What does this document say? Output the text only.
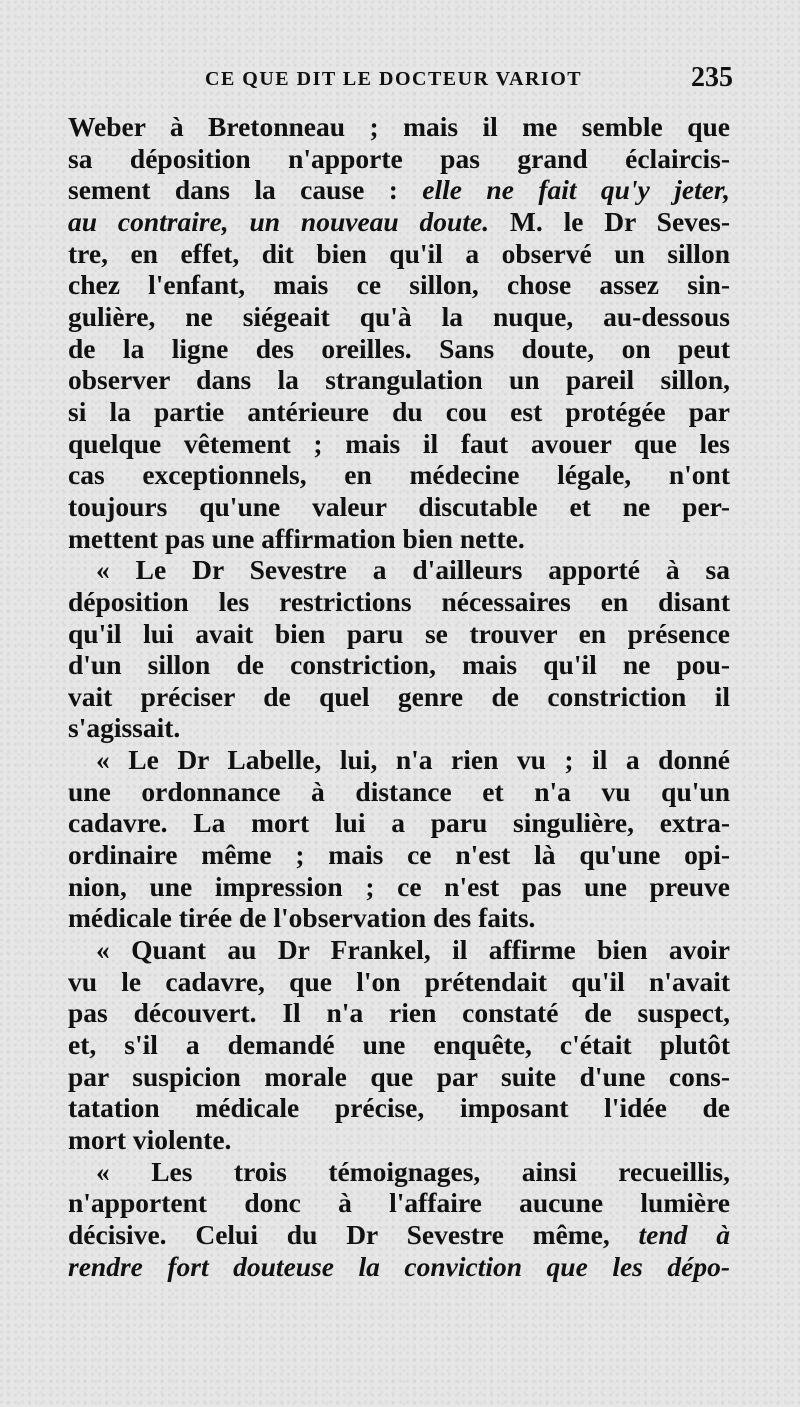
CE QUE DIT LE DOCTEUR VARIOT	235
Weber à Bretonneau ; mais il me semble que
sa déposition n'apporte pas grand éclaircis-
sement dans la cause : elle ne fait qu'y jeter,
au contraire, un nouveau doute. M. le Dr Seves-
tre, en effet, dit bien qu'il a observé un sillon
chez l'enfant, mais ce sillon, chose assez sin-
gulière, ne siégeait qu'à la nuque, au-dessous
de la ligne des oreilles. Sans doute, on peut
observer dans la strangulation un pareil sillon,
si la partie antérieure du cou est protégée par
quelque vêtement ; mais il faut avouer que les
cas exceptionnels, en médecine légale, n'ont
toujours qu'une valeur discutable et ne per-
mettent pas une affirmation bien nette.
« Le Dr Sevestre a d'ailleurs apporté à sa
déposition les restrictions nécessaires en disant
qu'il lui avait bien paru se trouver en présence
d'un sillon de constriction, mais qu'il ne pou-
vait préciser de quel genre de constriction il
s'agissait.
« Le Dr Labelle, lui, n'a rien vu ; il a donné
une ordonnance à distance et n'a vu qu'un
cadavre. La mort lui a paru singulière, extra-
ordinaire même ; mais ce n'est là qu'une opi-
nion, une impression ; ce n'est pas une preuve
médicale tirée de l'observation des faits.
« Quant au Dr Frankel, il affirme bien avoir
vu le cadavre, que l'on prétendait qu'il n'avait
pas découvert. Il n'a rien constaté de suspect,
et, s'il a demandé une enquête, c'était plutôt
par suspicion morale que par suite d'une cons-
tatation médicale précise, imposant l'idée de
mort violente.
« Les trois témoignages, ainsi recueillis,
n'apportent donc à l'affaire aucune lumière
décisive. Celui du Dr Sevestre même, tend à
rendre fort douteuse la conviction que les dépo-
